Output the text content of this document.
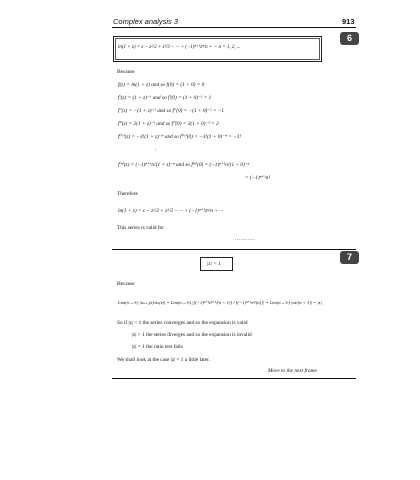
Complex analysis 3	913
6
ln(1 + z) = z − z²/2 + z³/3 − ··· + (−1)ⁿ⁺¹zⁿ/n + ··· n = 1, 2, ...
Because
f(z) = ln(1 + z) and so f(0) = (1 + 0) = 0
f′(z) = (1 + z)⁻¹ and so f′(0) = (1 + 0)⁻¹ = 1
f″(z) = −(1 + z)⁻² and so f″(0) = −(1 + 0)⁻² = −1
f‴(z) = 2(1 + z)⁻³ and so f‴(0) = 2(1 + 0)⁻³ = 2
f⁽ⁱᵛ⁾(z) = −3!(1 + z)⁻⁴ and so f⁽ⁱᵛ⁾(0) = −3!(1 + 0)⁻⁴ = −3!
:
f⁽ⁿ⁾(z) = (−1)ⁿ⁺¹n!(1 + z)⁻ⁿ and so f⁽ⁿ⁾(0) = (−1)ⁿ⁺¹n!(1 + 0)⁻ⁿ
= (−1)ⁿ⁺¹n!
Therefore
ln(1 + z) = z − z²/2 + z³/3 − ··· + (−1)ⁿ⁺¹zⁿ/n + ···
This series is valid for
...........
7
|z| < 1
Because
Lim(n→∞) |aₙ₊₁(z)/aₙ(z)| = Lim(n→∞) |[(−1)ⁿ⁺²zⁿ⁺¹/(n + 1)] / [(−1)ⁿ⁺¹zⁿ/(n)]| = Lim(n→∞) |nz/(n + 1)| = |z|
So if |z| < 1 the series converges and so the expansion is valid
|z| > 1 the series diverges and so the expansion is invalid
|z| = 1 the ratio test fails
We shall look at the case |z| = 1 a little later.
Move to the next frame
